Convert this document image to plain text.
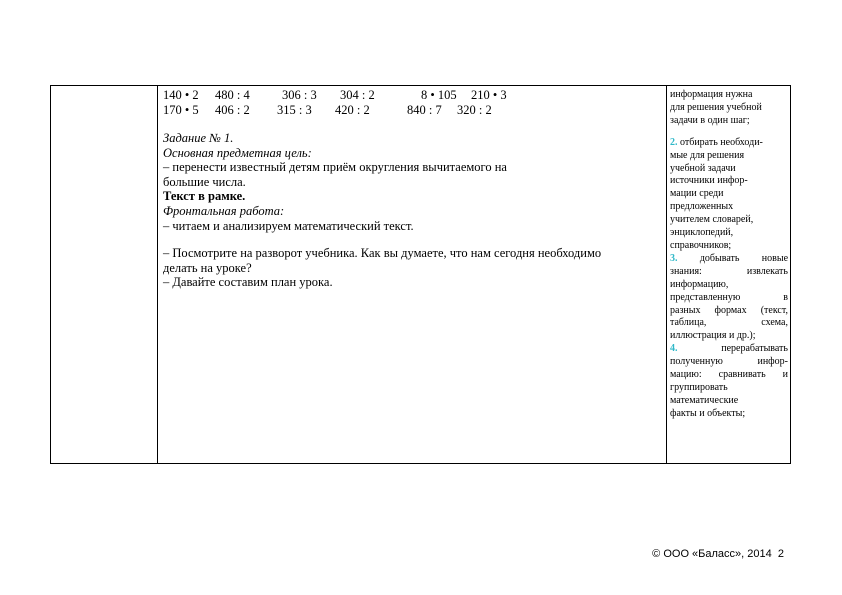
140 • 2 480 : 4	306 : 3 304 : 2	8 • 105 210 • 3
170 • 5 406 : 2 315 : 3 420 : 2	840 : 7 320 : 2
Задание № 1.
Основная предметная цель:
– перенести известный детям приём округления вычитаемого на
большие числа.
Текст в рамке.
Фронтальная работа:
– читаем и анализируем математический текст.
– Посмотрите на разворот учебника. Как вы думаете, что нам сегодня необходимо
делать на уроке?
– Давайте составим план урока.
информация нужна
для решения учебной
задачи в один шаг;
2. отбирать необходи-
мые для решения
учебной задачи
источники инфор-
мации среди
предложенных
учителем словарей,
энциклопедий,
справочников;
3. добывать новые
знания: извлекать
информацию,
представленную в
разных формах (текст,
таблица, схема,
иллюстрация и др.);
4.	перерабатывать
полученную инфор-
мацию: сравнивать и
группировать
математические
факты и объекты;
© ООО «Баласс», 2014 2
